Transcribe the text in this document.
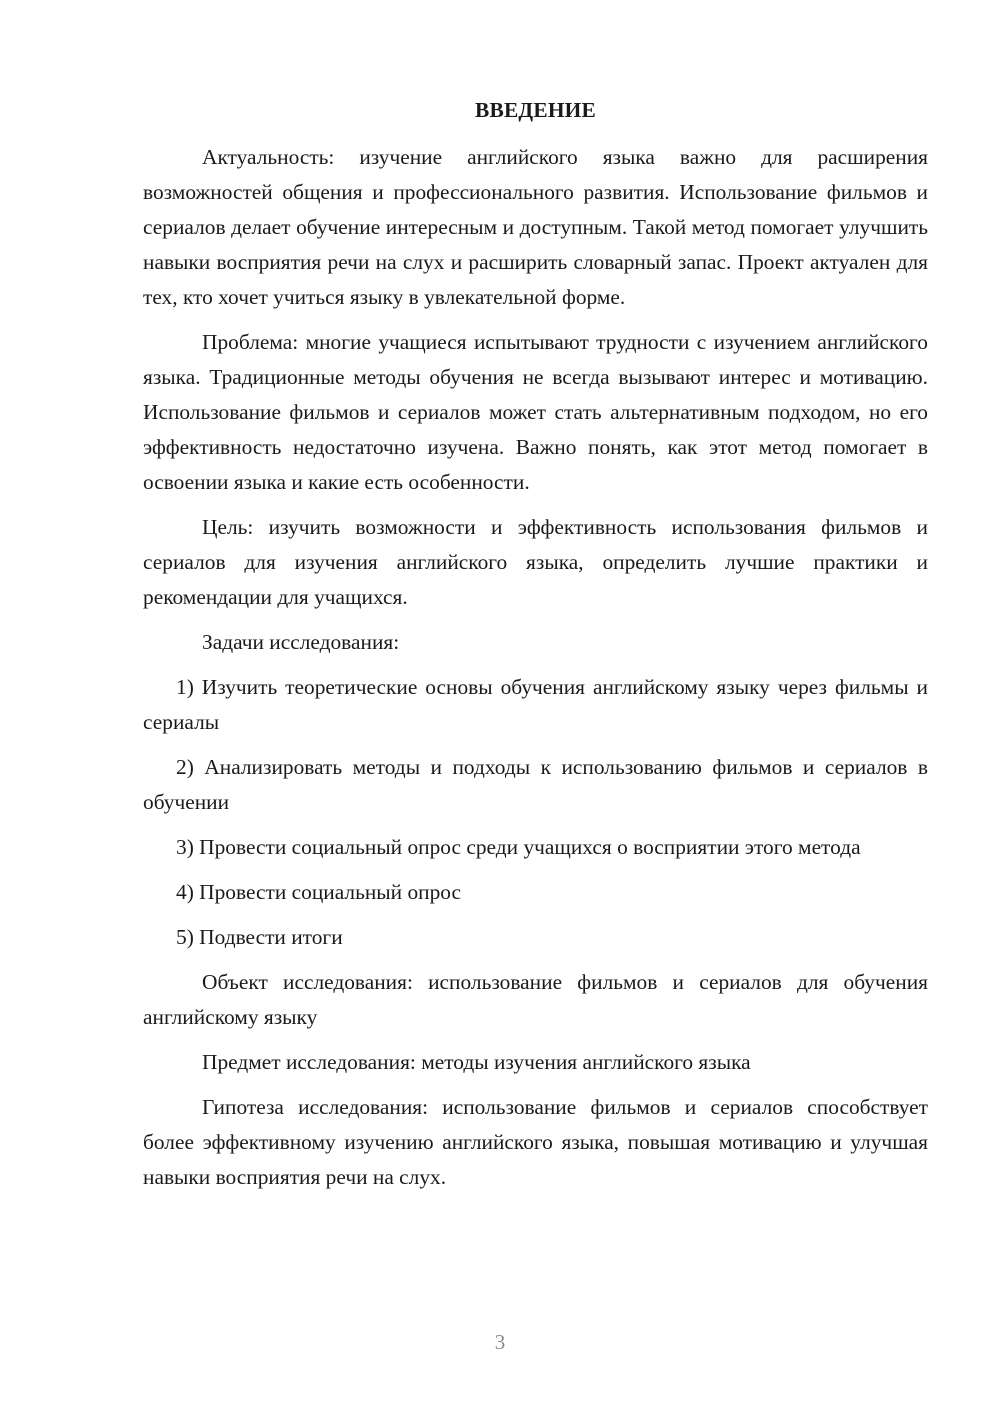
ВВЕДЕНИЕ

Актуальность: изучение английского языка важно для расширения возможностей общения и профессионального развития. Использование фильмов и сериалов делает обучение интересным и доступным. Такой метод помогает улучшить навыки восприятия речи на слух и расширить словарный запас. Проект актуален для тех, кто хочет учиться языку в увлекательной форме.

Проблема: многие учащиеся испытывают трудности с изучением английского языка. Традиционные методы обучения не всегда вызывают интерес и мотивацию. Использование фильмов и сериалов может стать альтернативным подходом, но его эффективность недостаточно изучена. Важно понять, как этот метод помогает в освоении языка и какие есть особенности.

Цель: изучить возможности и эффективность использования фильмов и сериалов для изучения английского языка, определить лучшие практики и рекомендации для учащихся.

Задачи исследования:

1) Изучить теоретические основы обучения английскому языку через фильмы и сериалы

2) Анализировать методы и подходы к использованию фильмов и сериалов в обучении

3) Провести социальный опрос среди учащихся о восприятии этого метода

4) Провести социальный опрос

5) Подвести итоги

Объект исследования: использование фильмов и сериалов для обучения английскому языку

Предмет исследования: методы изучения английского языка

Гипотеза исследования: использование фильмов и сериалов способствует более эффективному изучению английского языка, повышая мотивацию и улучшая навыки восприятия речи на слух.

3
